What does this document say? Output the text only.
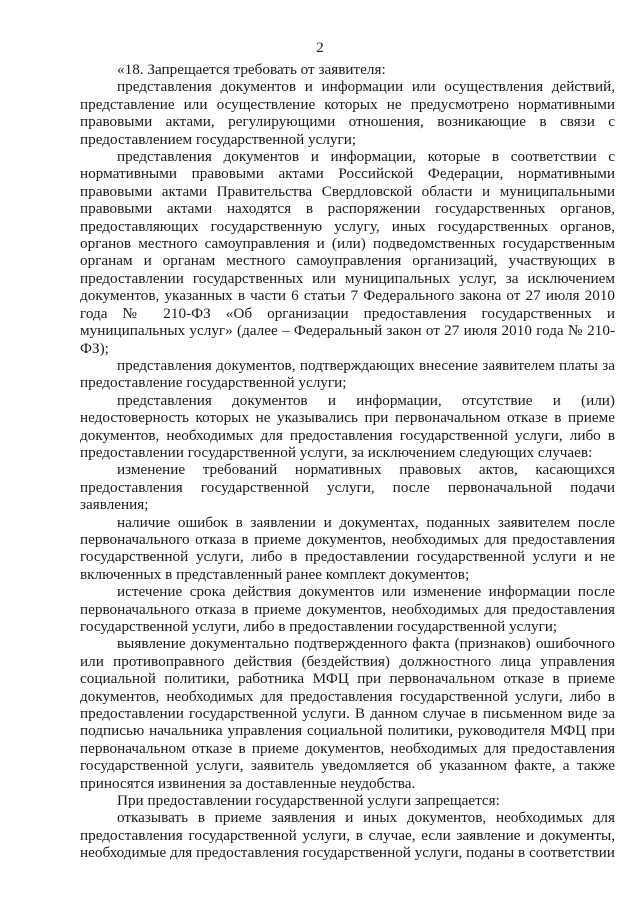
2

«18. Запрещается требовать от заявителя:

представления документов и информации или осуществления действий, представление или осуществление которых не предусмотрено нормативными правовыми актами, регулирующими отношения, возникающие в связи с предоставлением государственной услуги;

представления документов и информации, которые в соответствии с нормативными правовыми актами Российской Федерации, нормативными правовыми актами Правительства Свердловской области и муниципальными правовыми актами находятся в распоряжении государственных органов, предоставляющих государственную услугу, иных государственных органов, органов местного самоуправления и (или) подведомственных государственным органам и органам местного самоуправления организаций, участвующих в предоставлении государственных или муниципальных услуг, за исключением документов, указанных в части 6 статьи 7 Федерального закона от 27 июля 2010 года № 210-ФЗ «Об организации предоставления государственных и муниципальных услуг» (далее – Федеральный закон от 27 июля 2010 года № 210-ФЗ);

представления документов, подтверждающих внесение заявителем платы за предоставление государственной услуги;

представления документов и информации, отсутствие и (или) недостоверность которых не указывались при первоначальном отказе в приеме документов, необходимых для предоставления государственной услуги, либо в предоставлении государственной услуги, за исключением следующих случаев:

изменение требований нормативных правовых актов, касающихся предоставления государственной услуги, после первоначальной подачи заявления;

наличие ошибок в заявлении и документах, поданных заявителем после первоначального отказа в приеме документов, необходимых для предоставления государственной услуги, либо в предоставлении государственной услуги и не включенных в представленный ранее комплект документов;

истечение срока действия документов или изменение информации после первоначального отказа в приеме документов, необходимых для предоставления государственной услуги, либо в предоставлении государственной услуги;

выявление документально подтвержденного факта (признаков) ошибочного или противоправного действия (бездействия) должностного лица управления социальной политики, работника МФЦ при первоначальном отказе в приеме документов, необходимых для предоставления государственной услуги, либо в предоставлении государственной услуги. В данном случае в письменном виде за подписью начальника управления социальной политики, руководителя МФЦ при первоначальном отказе в приеме документов, необходимых для предоставления государственной услуги, заявитель уведомляется об указанном факте, а также приносятся извинения за доставленные неудобства.

При предоставлении государственной услуги запрещается:

отказывать в приеме заявления и иных документов, необходимых для предоставления государственной услуги, в случае, если заявление и документы, необходимые для предоставления государственной услуги, поданы в соответствии
